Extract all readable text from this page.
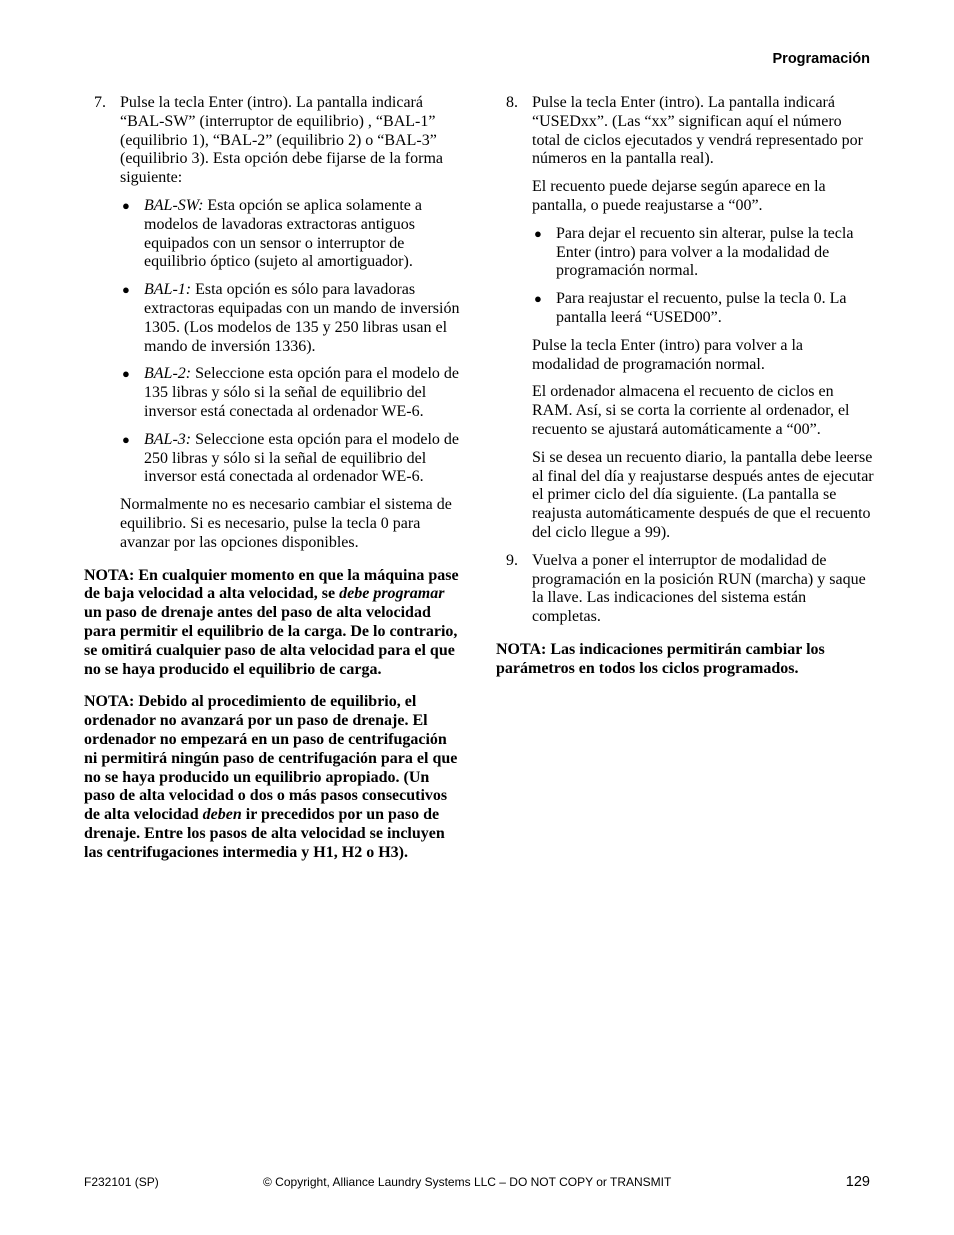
Programación
7. Pulse la tecla Enter (intro). La pantalla indicará “BAL-SW” (interruptor de equilibrio) , “BAL-1” (equilibrio 1), “BAL-2” (equilibrio 2) o “BAL-3” (equilibrio 3). Esta opción debe fijarse de la forma siguiente:
● BAL-SW: Esta opción se aplica solamente a modelos de lavadoras extractoras antiguos equipados con un sensor o interruptor de equilibrio óptico (sujeto al amortiguador).
● BAL-1: Esta opción es sólo para lavadoras extractoras equipadas con un mando de inversión 1305. (Los modelos de 135 y 250 libras usan el mando de inversión 1336).
● BAL-2: Seleccione esta opción para el modelo de 135 libras y sólo si la señal de equilibrio del inversor está conectada al ordenador WE-6.
● BAL-3: Seleccione esta opción para el modelo de 250 libras y sólo si la señal de equilibrio del inversor está conectada al ordenador WE-6.
Normalmente no es necesario cambiar el sistema de equilibrio. Si es necesario, pulse la tecla 0 para avanzar por las opciones disponibles.
NOTA: En cualquier momento en que la máquina pase de baja velocidad a alta velocidad, se debe programar un paso de drenaje antes del paso de alta velocidad para permitir el equilibrio de la carga. De lo contrario, se omitirá cualquier paso de alta velocidad para el que no se haya producido el equilibrio de carga.
NOTA: Debido al procedimiento de equilibrio, el ordenador no avanzará por un paso de drenaje. El ordenador no empezará en un paso de centrifugación ni permitirá ningún paso de centrifugación para el que no se haya producido un equilibrio apropiado. (Un paso de alta velocidad o dos o más pasos consecutivos de alta velocidad deben ir precedidos por un paso de drenaje. Entre los pasos de alta velocidad se incluyen las centrifugaciones intermedia y H1, H2 o H3).
8. Pulse la tecla Enter (intro). La pantalla indicará “USEDxx”. (Las “xx” significan aquí el número total de ciclos ejecutados y vendrá representado por números en la pantalla real).
El recuento puede dejarse según aparece en la pantalla, o puede reajustarse a “00”.
● Para dejar el recuento sin alterar, pulse la tecla Enter (intro) para volver a la modalidad de programación normal.
● Para reajustar el recuento, pulse la tecla 0. La pantalla leerá “USED00”.
Pulse la tecla Enter (intro) para volver a la modalidad de programación normal.
El ordenador almacena el recuento de ciclos en RAM. Así, si se corta la corriente al ordenador, el recuento se ajustará automáticamente a “00”.
Si se desea un recuento diario, la pantalla debe leerse al final del día y reajustarse después antes de ejecutar el primer ciclo del día siguiente. (La pantalla se reajusta automáticamente después de que el recuento del ciclo llegue a 99).
9. Vuelva a poner el interruptor de modalidad de programación en la posición RUN (marcha) y saque la llave. Las indicaciones del sistema están completas.
NOTA: Las indicaciones permitirán cambiar los parámetros en todos los ciclos programados.
F232101 (SP)	© Copyright, Alliance Laundry Systems LLC – DO NOT COPY or TRANSMIT	129
